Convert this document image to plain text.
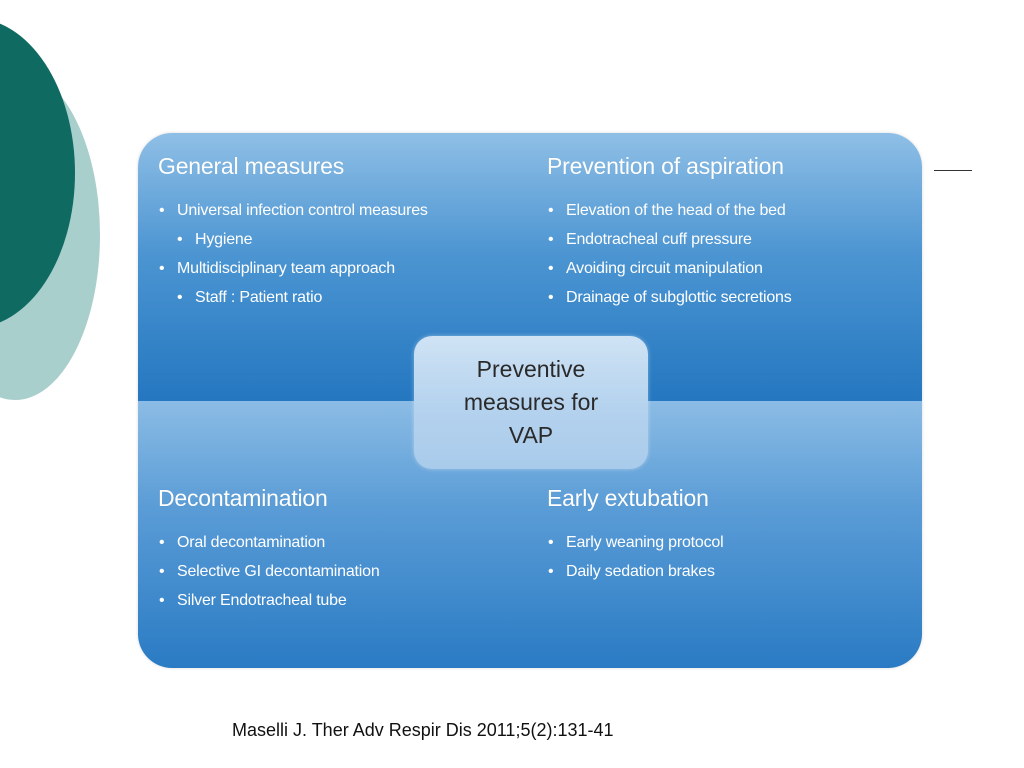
General measures
• Universal infection control measures
• Hygiene
• Multidisciplinary team approach
• Staff : Patient ratio
Prevention of aspiration
• Elevation of the head of the bed
• Endotracheal cuff pressure
• Avoiding circuit manipulation
• Drainage of subglottic secretions
Decontamination
• Oral decontamination
• Selective GI decontamination
• Silver Endotracheal tube
Early extubation
• Early weaning protocol
• Daily sedation brakes
Preventive measures for VAP
Maselli J. Ther Adv Respir Dis 2011;5(2):131-41
